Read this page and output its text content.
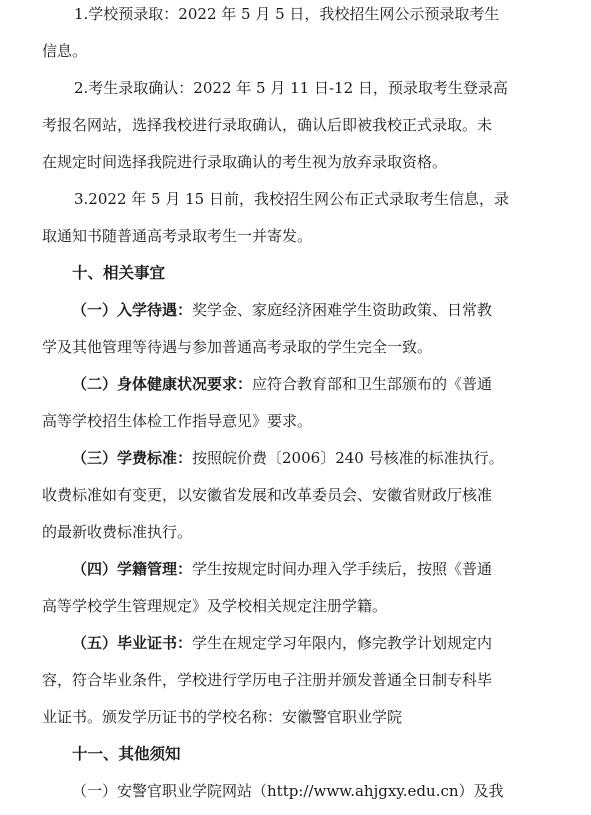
1.学校预录取：2022 年 5 月 5 日，我校招生网公示预录取考生
信息。

2.考生录取确认：2022 年 5 月 11 日-12 日，预录取考生登录高
考报名网站，选择我校进行录取确认，确认后即被我校正式录取。未
在规定时间选择我院进行录取确认的考生视为放弃录取资格。

3.2022 年 5 月 15 日前，我校招生网公布正式录取考生信息，录
取通知书随普通高考录取考生一并寄发。

十、相关事宜

（一）入学待遇：奖学金、家庭经济困难学生资助政策、日常教
学及其他管理等待遇与参加普通高考录取的学生完全一致。

（二）身体健康状况要求：应符合教育部和卫生部颁布的《普通
高等学校招生体检工作指导意见》要求。

（三）学费标准：按照皖价费〔2006〕240 号核准的标准执行。
收费标准如有变更，以安徽省发展和改革委员会、安徽省财政厅核准
的最新收费标准执行。

（四）学籍管理：学生按规定时间办理入学手续后，按照《普通
高等学校学生管理规定》及学校相关规定注册学籍。

（五）毕业证书：学生在规定学习年限内，修完教学计划规定内
容，符合毕业条件，学校进行学历电子注册并颁发普通全日制专科毕
业证书。颁发学历证书的学校名称：安徽警官职业学院

十一、其他须知

（一）安警官职业学院网站（http://www.ahjgxy.edu.cn）及我
